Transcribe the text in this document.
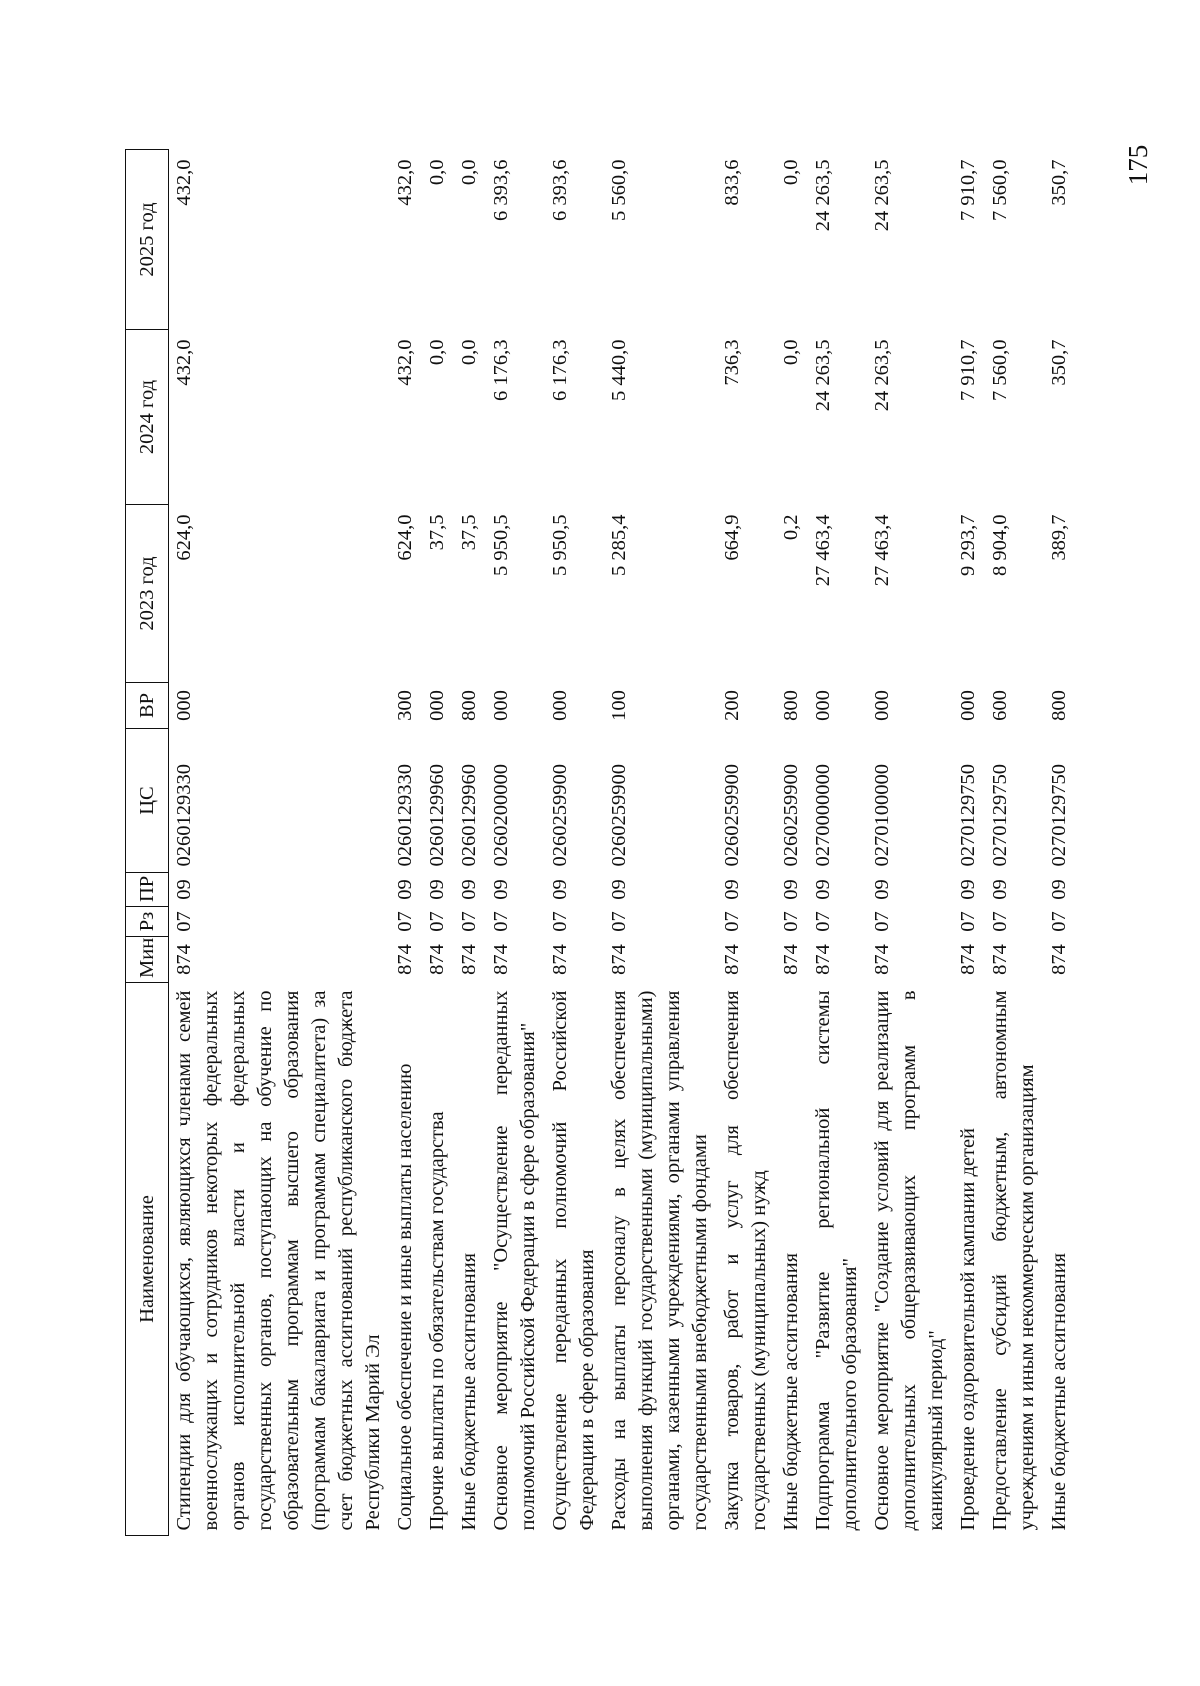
175
Наименование	Мин	Рз	ПР	ЦС	ВР	2023 год	2024 год	2025 год
Стипендии для обучающихся, являющихся членами семей военнослужащих и сотрудников некоторых федеральных органов исполнительной власти и федеральных государственных органов, поступающих на обучение по образовательным программам высшего образования (программам бакалавриата и программам специалитета) за счет бюджетных ассигнований республиканского бюджета Республики Марий Эл	874	07	09	0260129330	000	624,0	432,0	432,0
Социальное обеспечение и иные выплаты населению	874	07	09	0260129330	300	624,0	432,0	432,0
Прочие выплаты по обязательствам государства	874	07	09	0260129960	000	37,5	0,0	0,0
Иные бюджетные ассигнования	874	07	09	0260129960	800	37,5	0,0	0,0
Основное мероприятие "Осуществление переданных полномочий Российской Федерации в сфере образования"	874	07	09	0260200000	000	5 950,5	6 176,3	6 393,6
Осуществление переданных полномочий Российской Федерации в сфере образования	874	07	09	0260259900	000	5 950,5	6 176,3	6 393,6
Расходы на выплаты персоналу в целях обеспечения выполнения функций государственными (муниципальными) органами, казенными учреждениями, органами управления государственными внебюджетными фондами	874	07	09	0260259900	100	5 285,4	5 440,0	5 560,0
Закупка товаров, работ и услуг для обеспечения государственных (муниципальных) нужд	874	07	09	0260259900	200	664,9	736,3	833,6
Иные бюджетные ассигнования	874	07	09	0260259900	800	0,2	0,0	0,0
Подпрограмма "Развитие региональной системы дополнительного образования"	874	07	09	0270000000	000	27 463,4	24 263,5	24 263,5
Основное мероприятие "Создание условий для реализации дополнительных общеразвивающих программ в каникулярный период"	874	07	09	0270100000	000	27 463,4	24 263,5	24 263,5
Проведение оздоровительной кампании детей	874	07	09	0270129750	000	9 293,7	7 910,7	7 910,7
Предоставление субсидий бюджетным, автономным учреждениям и иным некоммерческим организациям	874	07	09	0270129750	600	8 904,0	7 560,0	7 560,0
Иные бюджетные ассигнования	874	07	09	0270129750	800	389,7	350,7	350,7
